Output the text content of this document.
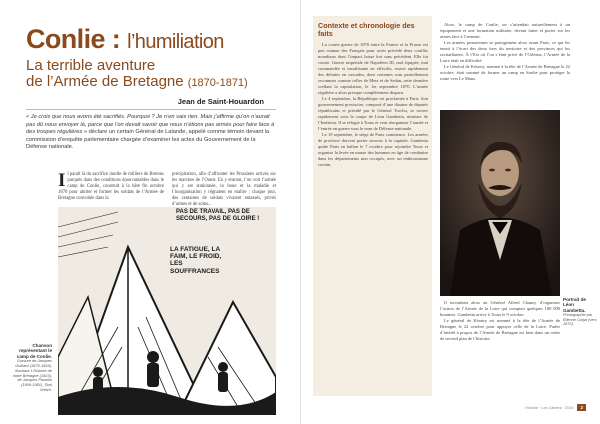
Conlie : l’humiliation
La terrible aventure
de l’Armée de Bretagne (1870-1871)
Jean de Saint-Houardon
« Je crois que nous avons été sacrifiés. Pourquoi ? Je n’en sais rien. Mais j’affirme qu’on n’aurait pas dû nous envoyer là, parce que l’on devait savoir que nous n’étions pas armés pour faire face à des troupes régulières » déclare un certain Général de Lalande, appelé comme témoin devant la commission d’enquête parlementaire chargée d’examiner les actes du Gouvernement de la Défense nationale.
I l paraît là du sacrifice inutile de milliers de Bretons parqués dans des conditions épouvantables dans le camp de Conlie, construit à la hâte fin octobre 1870 pour abriter et former les soldats de l’Armée de Bretagne convoitée dans la
précipitation, afin d’affronter les Prussiens arrivés sur les marches de l’Ouest. En y entrant, l’on voit l’armée qui y est stationnée, la boue et la maladie et l’inorganisation y régnaient en maître ; chaque jour, des centaines de soldats vivaient entassés, privés d’armes et de soins...
PAS DE TRAVAIL, PAS DE SECOURS, PAS DE GLOIRE !
LA FATIGUE, LA FAIM, LE FROID, LES SOUFFRANCES
Chanson représentant le camp de Conlie.
Gravure de Jacques Guillard (1879-1945), illustrant L’Histoire de notre Bretagne (1923), de Jacques Pasolini (1906-1981), Skol Vreizh.
Contexte et chronologie des faits

La courte guerre de 1870 entre la France et la Prusse est peu connue des Français pour avoir précédé deux conflits mondiaux dont l’impact laisse fort sans précédent. Elle fut courte. Guerre impériale de Napoléon III, mal équipée, mal commandée et insuffisante en effectifs, essuie rapidement des défaites en cascades, dont certaines sont partiellement reconnues comme celles de Metz et de Sedan, cette dernière scellant la capitulation, le 1er septembre 1870. L’armée régulière a alors presque complètement disparu.

Le 4 septembre, la République est proclamée à Paris. Son gouvernement provisoire, composé d’une dizaine de députés républicains et présidé par le Général Trochu, se trouve rapidement sous la coupe de Léon Gambetta, ministre de l’Intérieur. Il se réfugie à Tours et veut réorganiser l’armée et l’entrée en guerre sous le nom de Défense nationale.

Le 19 septembre, le siège de Paris commence. Les armées de province doivent porter secours à la capitale. Gambetta quitte Paris en ballon le 7 octobre pour rejoindre Tours et organise la levée en masse des hommes en âge de combattre dans les départements non occupés, avec un enthousiasme certain.

Alors, le camp de Conlie, on s’attendait naturellement à un équipement et une formation militaire, devant lutter et porter sur les armes face à l’ennemi.

Les armées prussiennes se partageaient alors avant Paris, ce qui les tenait à l’écart des deux tiers du territoire et des provinces qui les ravitaillaient. À l’Est où l’on s’était privé de l’Orléans, l’Armée de la Loire était en difficulté.

Le Général de Kératry, nommé à la tête de l’Armée de Bretagne le 22 octobre, était sommé de former un camp en Sarthe pour protéger la route vers Le Mans.

Portrait de Léon Gambetta.
Photographie par Étienne Carjat (vers 1870).

Il incombait alors au Général Alfred Chanzy d’organiser l’action de l’Armée de la Loire qui comptait quelques 180 000 hommes. Gambetta arrive à Tours le 9 octobre.

Le général de Kératry est nommé à la tête de l’Armée de Bretagne le 22 octobre pour appuyer celle de la Loire. Parler d’intérêt à propos de l’Armée de Bretagne est bien dans un ordre de second plan de l’histoire.

Histoire · Les Cahiers · 2016	2
